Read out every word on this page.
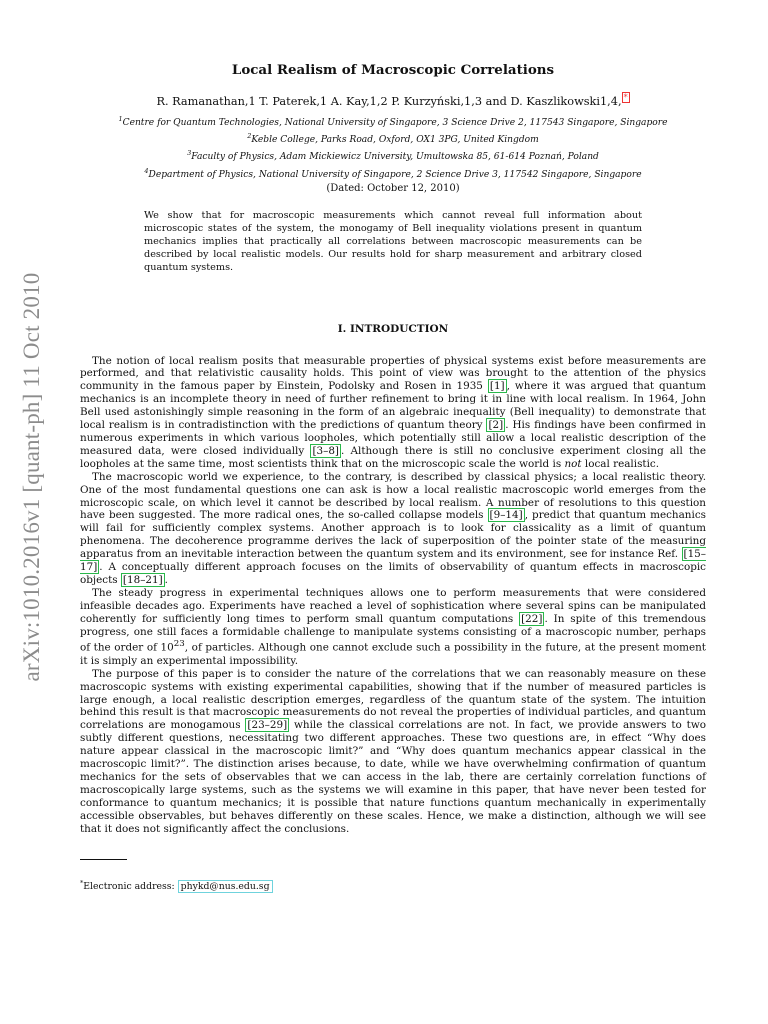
arXiv:1010.2016v1 [quant-ph] 11 Oct 2010
Local Realism of Macroscopic Correlations
R. Ramanathan,1 T. Paterek,1 A. Kay,1,2 P. Kurzyński,1,3 and D. Kaszlikowski1,4, *
$^1$Centre for Quantum Technologies, National University of Singapore, 3 Science Drive 2, 117543 Singapore, Singapore
$^2$Keble College, Parks Road, Oxford, OX1 3PG, United Kingdom
$^3$Faculty of Physics, Adam Mickiewicz University, Umultowska 85, 61-614 Poznań, Poland
$^4$Department of Physics, National University of Singapore, 2 Science Drive 3, 117542 Singapore, Singapore
(Dated: October 12, 2010)
We show that for macroscopic measurements which cannot reveal full information about microscopic states of the system, the monogamy of Bell inequality violations present in quantum mechanics implies that practically all correlations between macroscopic measurements can be described by local realistic models. Our results hold for sharp measurement and arbitrary closed quantum systems.
I. INTRODUCTION

The notion of local realism posits that measurable properties of physical systems exist before measurements are performed, and that relativistic causality holds. This point of view was brought to the attention of the physics community in the famous paper by Einstein, Podolsky and Rosen in 1935 [1] , where it was argued that quantum mechanics is an incomplete theory in need of further refinement to bring it in line with local realism. In 1964, John Bell used astonishingly simple reasoning in the form of an algebraic inequality (Bell inequality) to demonstrate that local realism is in contradistinction with the predictions of quantum theory [2] . His findings have been confirmed in numerous experiments in which various loopholes, which potentially still allow a local realistic description of the measured data, were closed individually [3–8] . Although there is still no conclusive experiment closing all the loopholes at the same time, most scientists think that on the microscopic scale the world is not local realistic.

The macroscopic world we experience, to the contrary, is described by classical physics; a local realistic theory. One of the most fundamental questions one can ask is how a local realistic macroscopic world emerges from the microscopic scale, on which level it cannot be described by local realism. A number of resolutions to this question have been suggested. The more radical ones, the so-called collapse models [9–14] , predict that quantum mechanics will fail for sufficiently complex systems. Another approach is to look for classicality as a limit of quantum phenomena. The decoherence programme derives the lack of superposition of the pointer state of the measuring apparatus from an inevitable interaction between the quantum system and its environment, see for instance Ref. [15–17] . A conceptually different approach focuses on the limits of observability of quantum effects in macroscopic objects [18–21] .

The steady progress in experimental techniques allows one to perform measurements that were considered infeasible decades ago. Experiments have reached a level of sophistication where several spins can be manipulated coherently for sufficiently long times to perform small quantum computations [22] . In spite of this tremendous progress, one still faces a formidable challenge to manipulate systems consisting of a macroscopic number, perhaps of the order of $10^{23}$, of particles. Although one cannot exclude such a possibility in the future, at the present moment it is simply an experimental impossibility.

The purpose of this paper is to consider the nature of the correlations that we can reasonably measure on these macroscopic systems with existing experimental capabilities, showing that if the number of measured particles is large enough, a local realistic description emerges, regardless of the quantum state of the system. The intuition behind this result is that macroscopic measurements do not reveal the properties of individual particles, and quantum correlations are monogamous [23–29] while the classical correlations are not. In fact, we provide answers to two subtly different questions, necessitating two different approaches. These two questions are, in effect “Why does nature appear classical in the macroscopic limit?” and “Why does quantum mechanics appear classical in the macroscopic limit?”. The distinction arises because, to date, while we have overwhelming confirmation of quantum mechanics for the sets of observables that we can access in the lab, there are certainly correlation functions of macroscopically large systems, such as the systems we will examine in this paper, that have never been tested for conformance to quantum mechanics; it is possible that nature functions quantum mechanically in experimentally accessible observables, but behaves differently on these scales. Hence, we make a distinction, although we will see that it does not significantly affect the conclusions.

*Electronic address: phykd@nus.edu.sg
